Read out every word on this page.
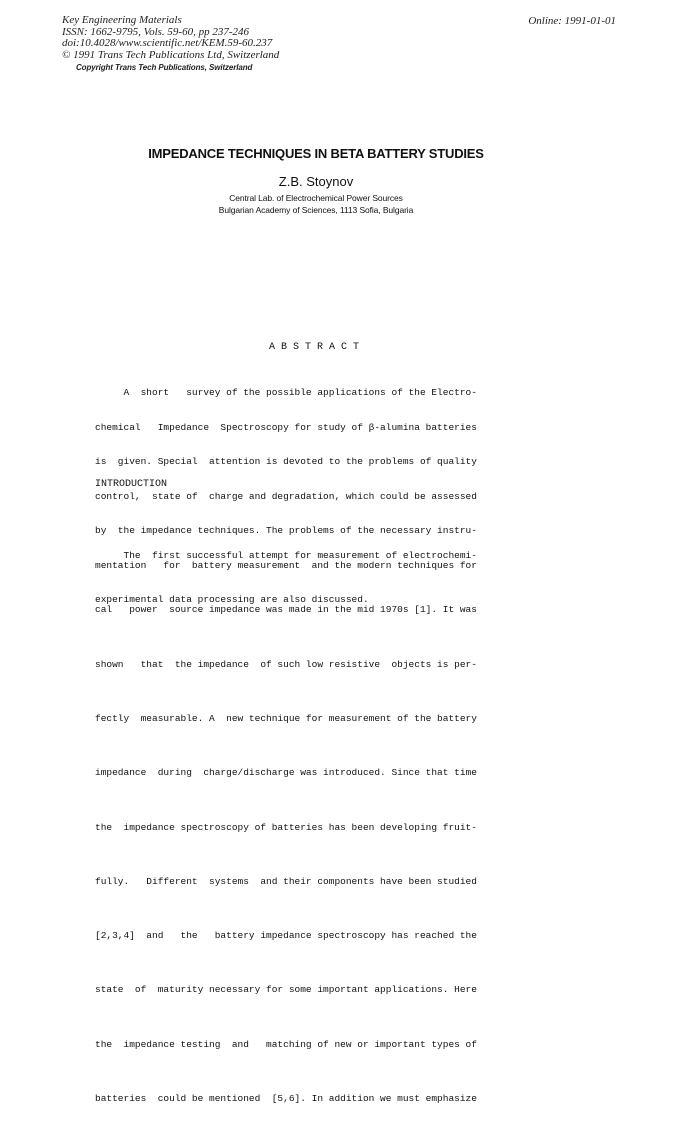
Key Engineering Materials
ISSN: 1662-9795, Vols. 59-60, pp 237-246
doi:10.4028/www.scientific.net/KEM.59-60.237
© 1991 Trans Tech Publications Ltd, Switzerland
Copyright Trans Tech Publications, Switzerland
Online: 1991-01-01
IMPEDANCE TECHNIQUES IN BETA BATTERY STUDIES
Z.B. Stoynov
Central Lab. of Electrochemical Power Sources
Bulgarian Academy of Sciences, 1113 Sofia, Bulgaria
A B S T R A C T

A  short   survey of the possible applications of the Electro-

chemical   Impedance  Spectroscopy for study of β-alumina batteries

is  given. Special  attention is devoted to the problems of quality

control,  state of  charge and degradation, which could be assessed

by  the impedance techniques. The problems of the necessary instru-

mentation   for  battery measurement  and the modern techniques for

experimental data processing are also discussed.

INTRODUCTION

The  first successful attempt for measurement of electrochemi-

cal   power  source impedance was made in the mid 1970s [1]. It was

shown   that  the impedance  of such low resistive  objects is per-

fectly  measurable. A  new technique for measurement of the battery

impedance  during  charge/discharge was introduced. Since that time

the  impedance spectroscopy of batteries has been developing fruit-

fully.   Different  systems  and their components have been studied

[2,3,4]  and   the   battery impedance spectroscopy has reached the

state  of  maturity necessary for some important applications. Here

the  impedance testing  and   matching of new or important types of

batteries  could be mentioned  [5,6]. In addition we must emphasize
